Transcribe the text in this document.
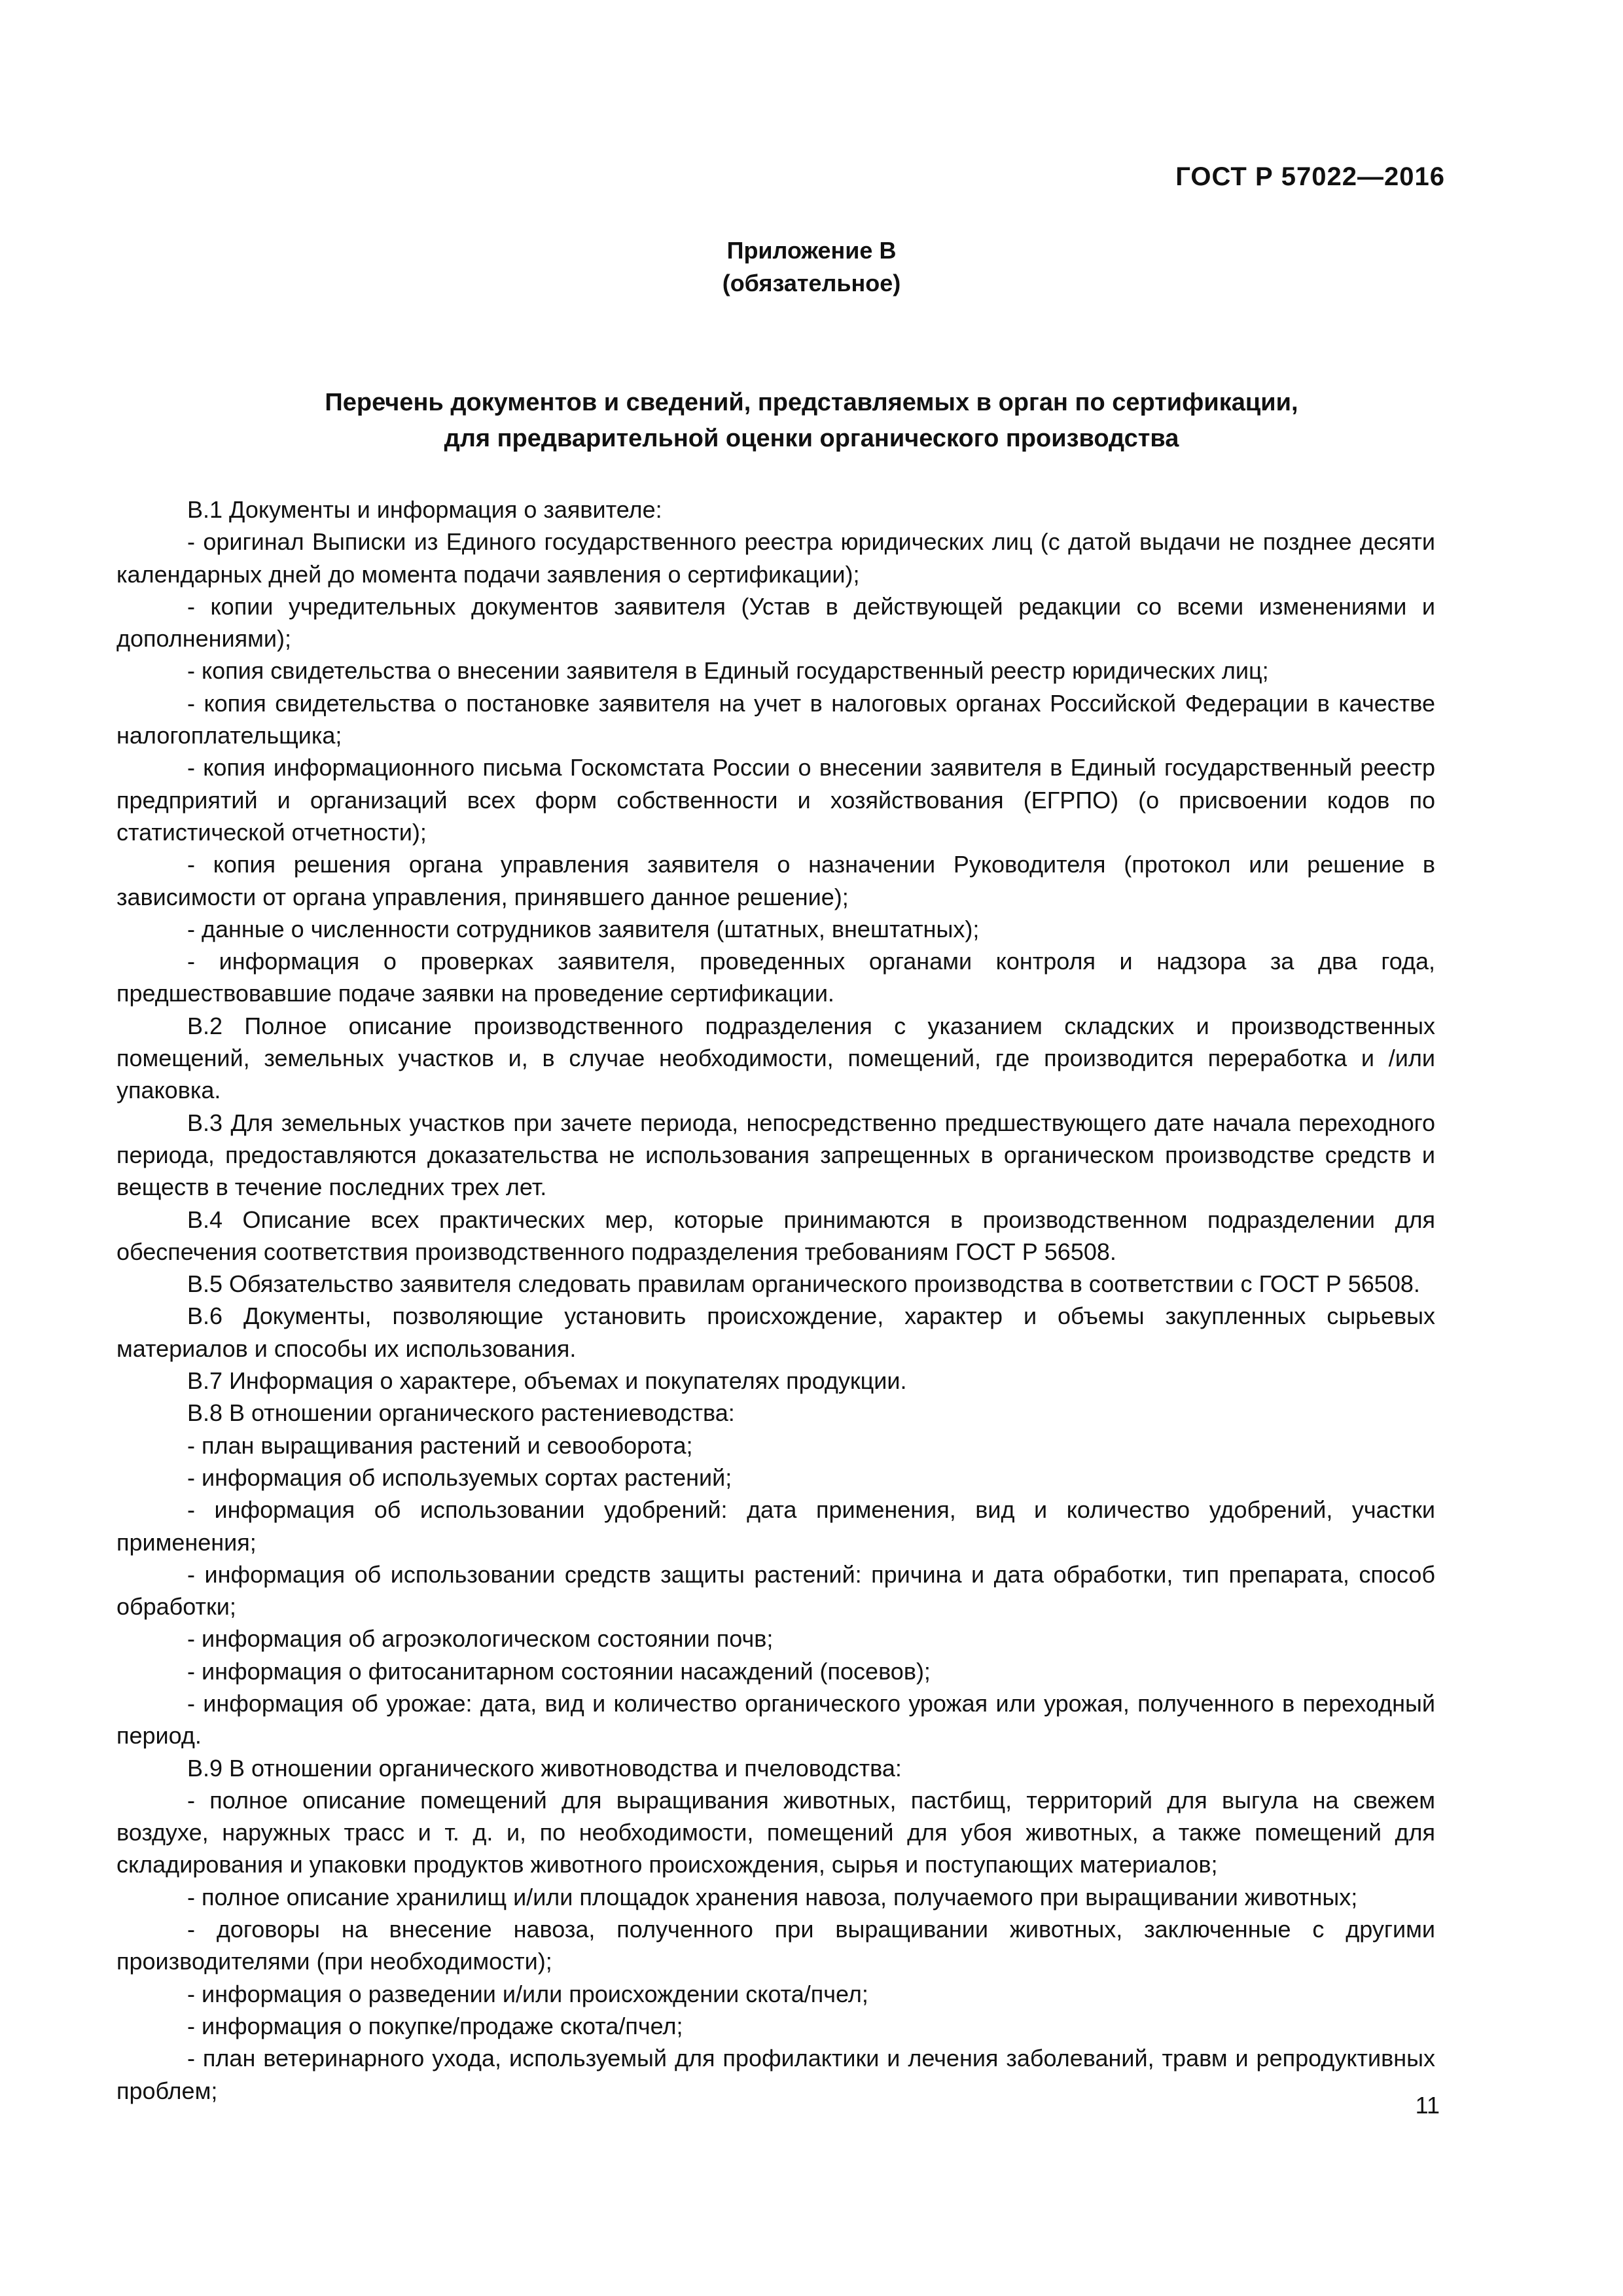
ГОСТ Р 57022—2016
Приложение В
(обязательное)
Перечень документов и сведений, представляемых в орган по сертификации,
для предварительной оценки органического производства

В.1 Документы и информация о заявителе:

- оригинал Выписки из Единого государственного реестра юридических лиц (с датой выдачи не позднее десяти календарных дней до момента подачи заявления о сертификации);

- копии учредительных документов заявителя (Устав в действующей редакции со всеми изменениями и дополнениями);

- копия свидетельства о внесении заявителя в Единый государственный реестр юридических лиц;

- копия свидетельства о постановке заявителя на учет в налоговых органах Российской Федерации в качестве налогоплательщика;

- копия информационного письма Госкомстата России о внесении заявителя в Единый государственный реестр предприятий и организаций всех форм собственности и хозяйствования (ЕГРПО) (о присвоении кодов по статистической отчетности);

- копия решения органа управления заявителя о назначении Руководителя (протокол или решение в зависимости от органа управления, принявшего данное решение);

- данные о численности сотрудников заявителя (штатных, внештатных);

- информация о проверках заявителя, проведенных органами контроля и надзора за два года, предшествовавшие подаче заявки на проведение сертификации.

В.2 Полное описание производственного подразделения с указанием складских и производственных помещений, земельных участков и, в случае необходимости, помещений, где производится переработка и /или упаковка.

В.3 Для земельных участков при зачете периода, непосредственно предшествующего дате начала переходного периода, предоставляются доказательства не использования запрещенных в органическом производстве средств и веществ в течение последних трех лет.

В.4 Описание всех практических мер, которые принимаются в производственном подразделении для обеспечения соответствия производственного подразделения требованиям ГОСТ Р 56508.

В.5 Обязательство заявителя следовать правилам органического производства в соответствии с ГОСТ Р 56508.

В.6 Документы, позволяющие установить происхождение, характер и объемы закупленных сырьевых материалов и способы их использования.

В.7 Информация о характере, объемах и покупателях продукции.

В.8 В отношении органического растениеводства:

- план выращивания растений и севооборота;

- информация об используемых сортах растений;

- информация об использовании удобрений: дата применения, вид и количество удобрений, участки применения;

- информация об использовании средств защиты растений: причина и дата обработки, тип препарата, способ обработки;

- информация об агроэкологическом состоянии почв;

- информация о фитосанитарном состоянии насаждений (посевов);

- информация об урожае: дата, вид и количество органического урожая или урожая, полученного в переходный период.

В.9 В отношении органического животноводства и пчеловодства:

- полное описание помещений для выращивания животных, пастбищ, территорий для выгула на свежем воздухе, наружных трасс и т. д. и, по необходимости, помещений для убоя животных, а также помещений для складирования и упаковки продуктов животного происхождения, сырья и поступающих материалов;

- полное описание хранилищ и/или площадок хранения навоза, получаемого при выращивании животных;

- договоры на внесение навоза, полученного при выращивании животных, заключенные с другими производителями (при необходимости);

- информация о разведении и/или происхождении скота/пчел;

- информация о покупке/продаже скота/пчел;

- план ветеринарного ухода, используемый для профилактики и лечения заболеваний, травм и репродуктивных проблем;

11
